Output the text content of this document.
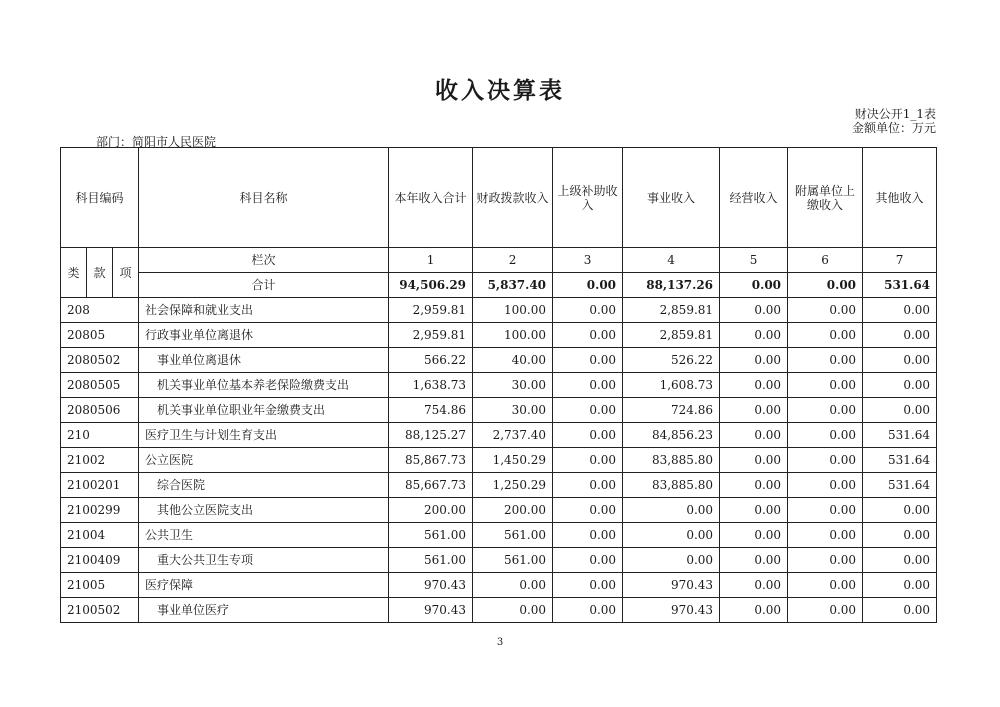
收入决算表
财决公开1_1表
金额单位：万元
部门：简阳市人民医院
科目编码			科目名称	本年收入合计	财政拨款收入	上级补助收入	事业收入	经营收入	附属单位上缴收入	其他收入
类	款	项	栏次	1	2	3	4	5	6	7
			合计	94,506.29	5,837.40	0.00	88,137.26	0.00	0.00	531.64
208			社会保障和就业支出	2,959.81	100.00	0.00	2,859.81	0.00	0.00	0.00
20805			行政事业单位离退休	2,959.81	100.00	0.00	2,859.81	0.00	0.00	0.00
2080502			事业单位离退休	566.22	40.00	0.00	526.22	0.00	0.00	0.00
2080505			机关事业单位基本养老保险缴费支出	1,638.73	30.00	0.00	1,608.73	0.00	0.00	0.00
2080506			机关事业单位职业年金缴费支出	754.86	30.00	0.00	724.86	0.00	0.00	0.00
210			医疗卫生与计划生育支出	88,125.27	2,737.40	0.00	84,856.23	0.00	0.00	531.64
21002			公立医院	85,867.73	1,450.29	0.00	83,885.80	0.00	0.00	531.64
2100201			综合医院	85,667.73	1,250.29	0.00	83,885.80	0.00	0.00	531.64
2100299			其他公立医院支出	200.00	200.00	0.00	0.00	0.00	0.00	0.00
21004			公共卫生	561.00	561.00	0.00	0.00	0.00	0.00	0.00
2100409			重大公共卫生专项	561.00	561.00	0.00	0.00	0.00	0.00	0.00
21005			医疗保障	970.43	0.00	0.00	970.43	0.00	0.00	0.00
2100502			事业单位医疗	970.43	0.00	0.00	970.43	0.00	0.00	0.00
3
